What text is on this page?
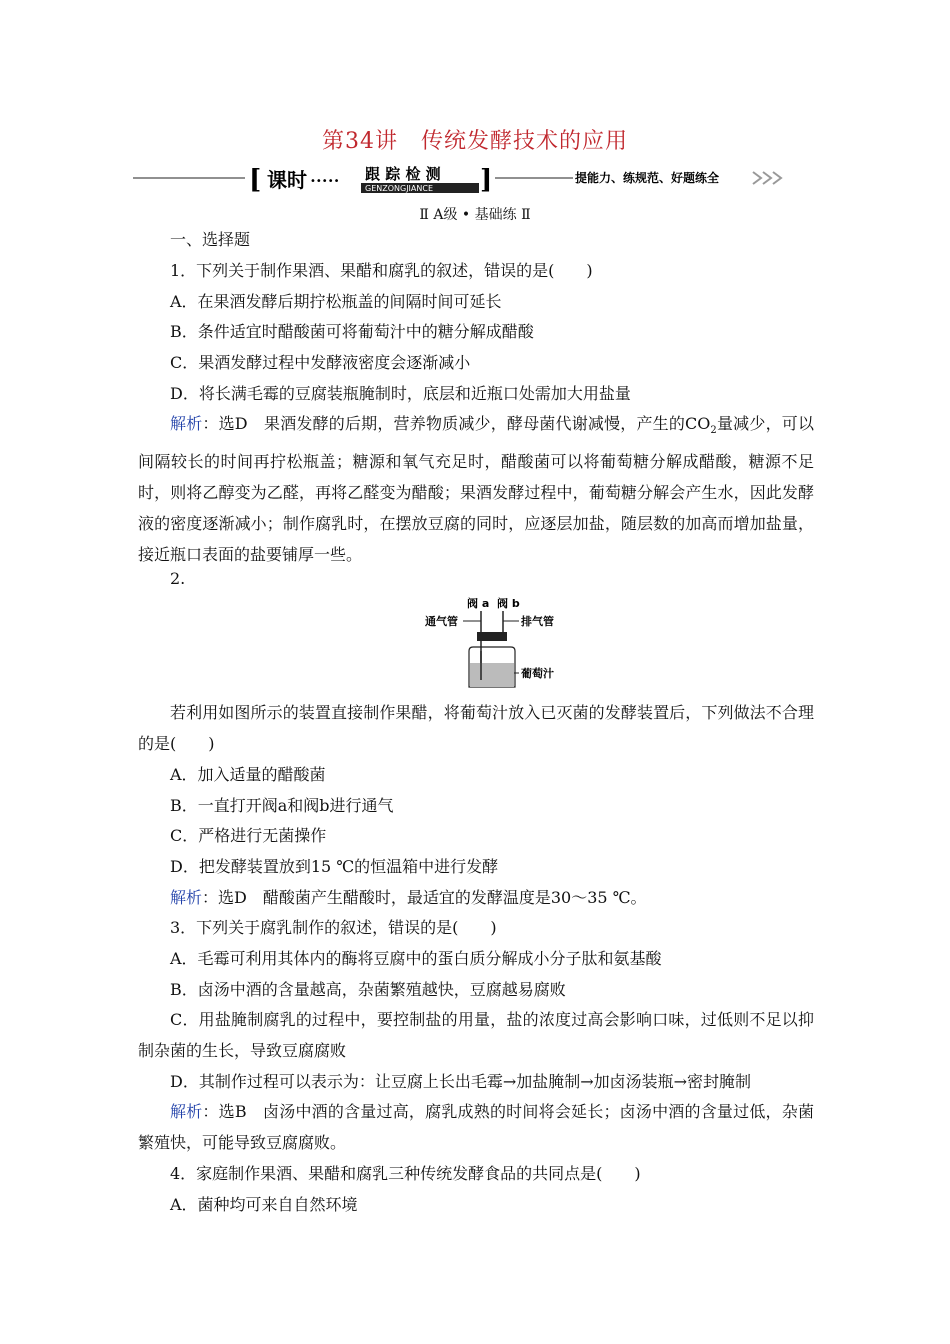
第34讲　传统发酵技术的应用
[ 课时 ••••• 跟 踪 检 测
GENZONGJIANCE ]	提能力、练规范、好题练全
Ⅱ A级 • 基础练 Ⅱ
一、选择题
1．下列关于制作果酒、果醋和腐乳的叙述，错误的是(　　)
A．在果酒发酵后期拧松瓶盖的间隔时间可延长
B．条件适宜时醋酸菌可将葡萄汁中的糖分解成醋酸
C．果酒发酵过程中发酵液密度会逐渐减小
D．将长满毛霉的豆腐装瓶腌制时，底层和近瓶口处需加大用盐量
解析：选D　果酒发酵的后期，营养物质减少，酵母菌代谢减慢，产生的$CO_2$量减少，可以间隔较长的时间再拧松瓶盖；糖源和氧气充足时，醋酸菌可以将葡萄糖分解成醋酸，糖源不足时，则将乙醇变为乙醛，再将乙醛变为醋酸；果酒发酵过程中，葡萄糖分解会产生水，因此发酵液的密度逐渐减小；制作腐乳时，在摆放豆腐的同时，应逐层加盐，随层数的加高而增加盐量，接近瓶口表面的盐要铺厚一些。
2.
阀 a 阀 b
通气管	排气管
葡萄汁
若利用如图所示的装置直接制作果醋，将葡萄汁放入已灭菌的发酵装置后，下列做法不合理的是(　　)
A．加入适量的醋酸菌
B．一直打开阀a和阀b进行通气
C．严格进行无菌操作
D．把发酵装置放到15 ℃的恒温箱中进行发酵
解析：选D　醋酸菌产生醋酸时，最适宜的发酵温度是30～35 ℃。
3．下列关于腐乳制作的叙述，错误的是(　　)
A．毛霉可利用其体内的酶将豆腐中的蛋白质分解成小分子肽和氨基酸
B．卤汤中酒的含量越高，杂菌繁殖越快，豆腐越易腐败
C．用盐腌制腐乳的过程中，要控制盐的用量，盐的浓度过高会影响口味，过低则不足以抑制杂菌的生长，导致豆腐腐败
D．其制作过程可以表示为：让豆腐上长出毛霉→加盐腌制→加卤汤装瓶→密封腌制
解析：选B　卤汤中酒的含量过高，腐乳成熟的时间将会延长；卤汤中酒的含量过低，杂菌繁殖快，可能导致豆腐腐败。
4．家庭制作果酒、果醋和腐乳三种传统发酵食品的共同点是(　　)
A．菌种均可来自自然环境
